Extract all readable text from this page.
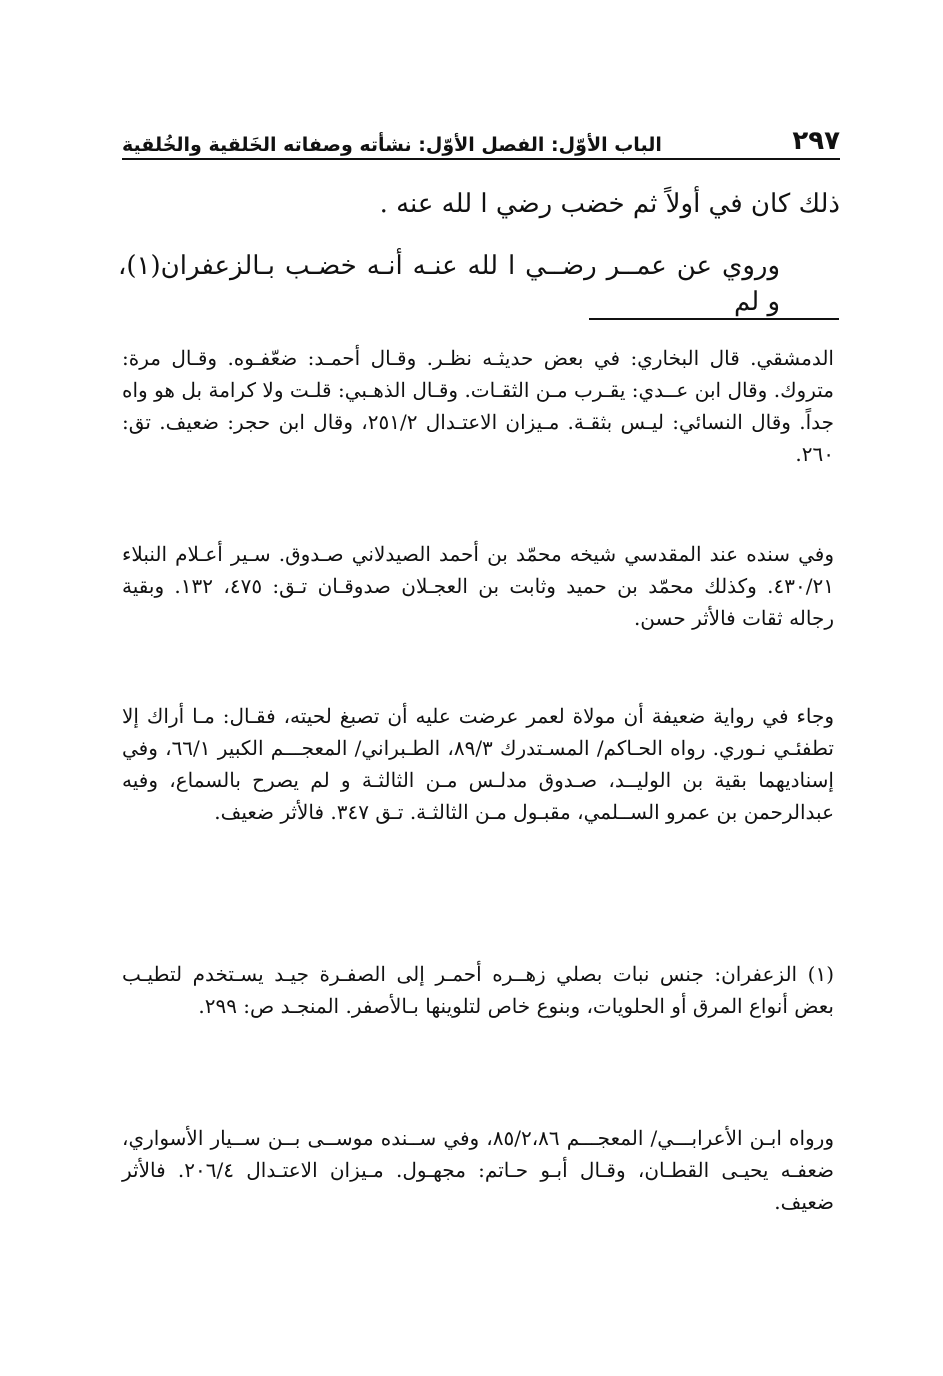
٢٩٧
الباب الأوّل: الفصل الأوّل: نشأته وصفاته الخَلقية والخُلقية

ذلك كان في أولاً ثم خضب رضي ا لله عنه .

وروي عن عمــر رضــي ا لله عنـه أنـه خضـب بـالزعفران(١)، و لم

الدمشقي. قال البخاري: في بعض حديثـه نظـر. وقـال أحمـد: ضعّفـوه. وقـال مرة: متروك. وقال ابن عــدي: يقـرب مـن الثقـات. وقـال الذهـبي: قلـت ولا كرامة بل هو واه جداً. وقال النسائي: ليـس بثقـة. مـيزان الاعتـدال ٢٥١/٢، وقال ابن حجر: ضعيف. تق: ٢٦٠.

وفي سنده عند المقدسي شيخه محمّد بن أحمد الصيدلاني صـدوق. سـير أعـلام النبلاء ٤٣٠/٢١. وكذلك محمّد بن حميد وثابت بن العجـلان صدوقـان تـق: ٤٧٥، ١٣٢. وبقية رجاله ثقات فالأثر حسن.

وجاء في رواية ضعيفة أن مولاة لعمر عرضت عليه أن تصبغ لحيته، فقـال: مـا أراك إلا تطفئـي نـوري. رواه الحـاكم/ المسـتدرك ٨٩/٣، الطـبراني/ المعجـــم الكبير ٦٦/١، وفي إسناديهما بقية بن الوليــد، صـدوق مدلـس مـن الثالثـة و لم يصرح بالسماع، وفيه عبدالرحمن بن عمرو الســلمي، مقبـول مـن الثالثـة. تـق ٣٤٧. فالأثر ضعيف.

(١) الزعفران: جنس نبات بصلي زهــره أحمـر إلى الصفـرة جيـد يسـتخدم لتطيـب بعض أنواع المرق أو الحلويات، وبنوع خاص لتلوينها بـالأصفر. المنجـد ص: ٢٩٩.

ورواه ابـن الأعرابـــي/ المعجـــم ٨٥/٢،٨٦، وفي ســنده موســى بــن ســيار الأسواري، ضعفـه يحيـى القطـان، وقـال أبـو حـاتم: مجهـول. مـيزان الاعتـدال ٢٠٦/٤. فالأثر ضعيف.
